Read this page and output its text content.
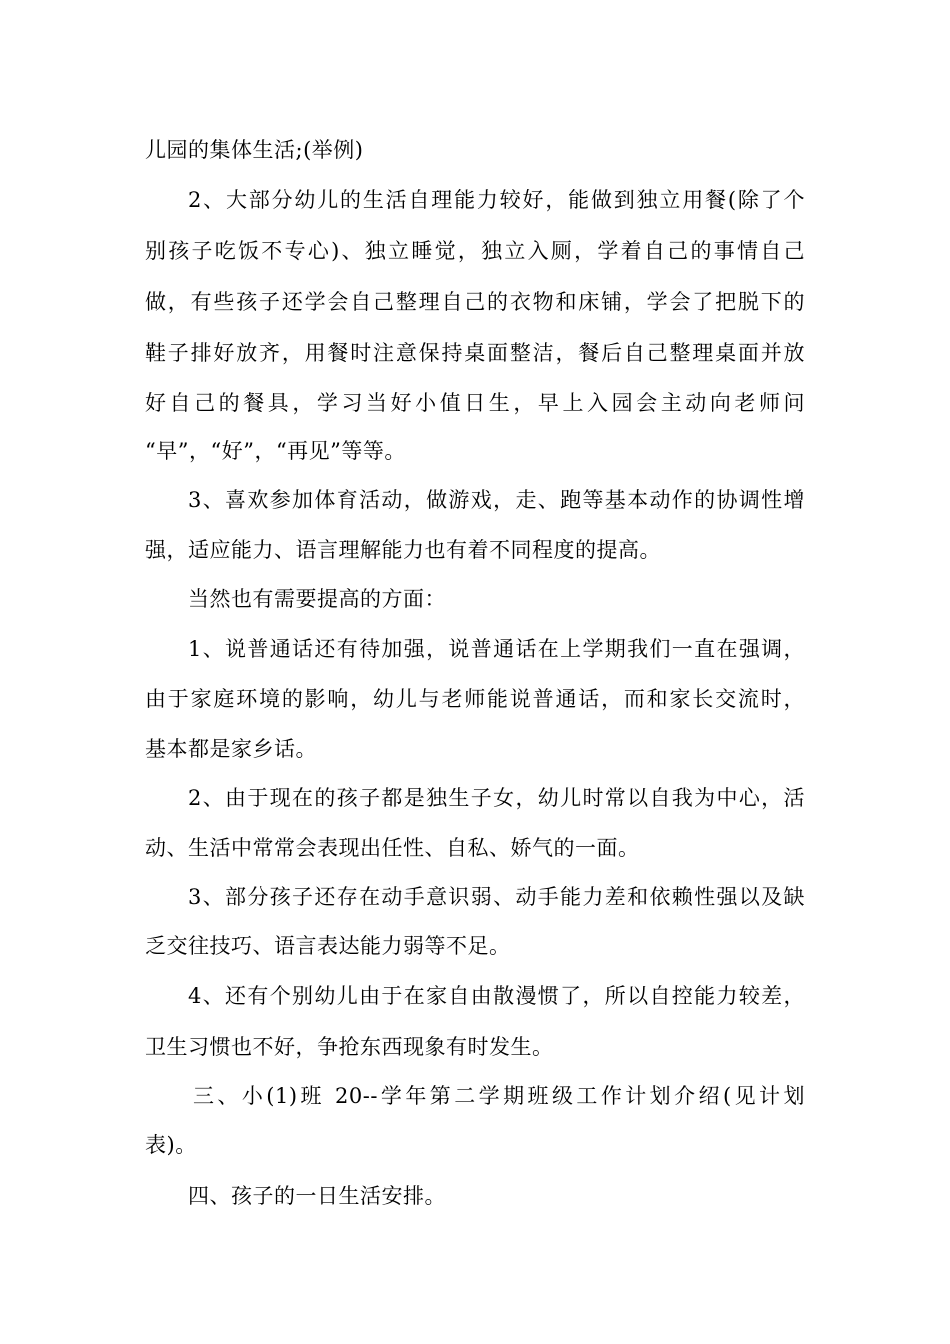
儿园的集体生活;(举例)

2、大部分幼儿的生活自理能力较好，能做到独立用餐(除了个

别孩子吃饭不专心)、独立睡觉，独立入厕，学着自己的事情自己

做，有些孩子还学会自己整理自己的衣物和床铺，学会了把脱下的

鞋子排好放齐，用餐时注意保持桌面整洁，餐后自己整理桌面并放

好自己的餐具，学习当好小值日生，早上入园会主动向老师问

“早”，“好”，“再见”等等。

3、喜欢参加体育活动，做游戏，走、跑等基本动作的协调性增

强，适应能力、语言理解能力也有着不同程度的提高。

当然也有需要提高的方面：

1、说普通话还有待加强，说普通话在上学期我们一直在强调，

由于家庭环境的影响，幼儿与老师能说普通话，而和家长交流时，

基本都是家乡话。

2、由于现在的孩子都是独生子女，幼儿时常以自我为中心，活

动、生活中常常会表现出任性、自私、娇气的一面。

3、部分孩子还存在动手意识弱、动手能力差和依赖性强以及缺

乏交往技巧、语言表达能力弱等不足。

4、还有个别幼儿由于在家自由散漫惯了，所以自控能力较差，

卫生习惯也不好，争抢东西现象有时发生。

三、小(1)班 20--学年第二学期班级工作计划介绍(见计划

表)。

四、孩子的一日生活安排。
